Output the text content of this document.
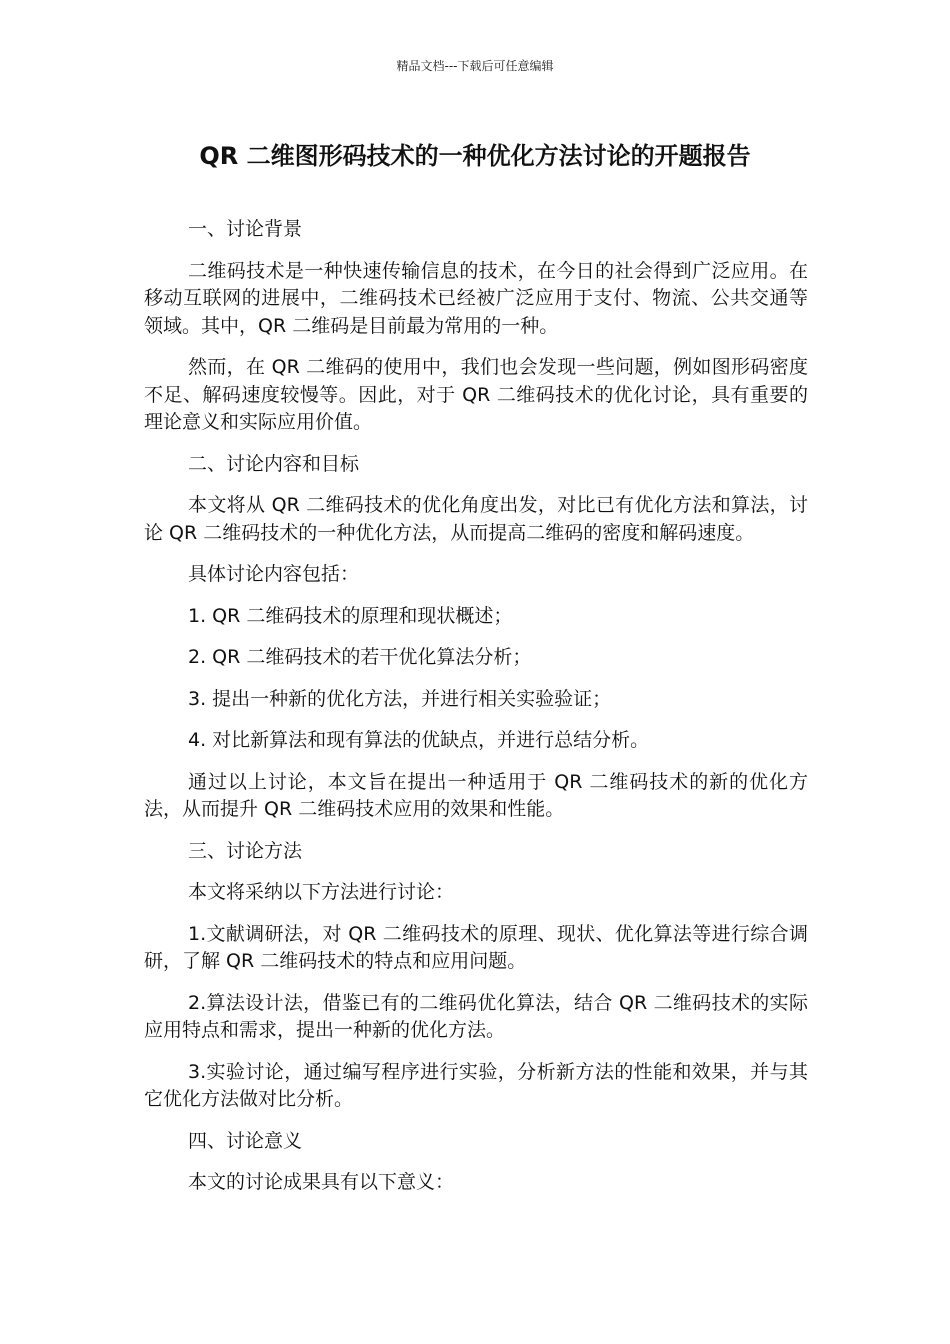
精品文档---下载后可任意编辑
QR 二维图形码技术的一种优化方法讨论的开题报告

一、讨论背景

二维码技术是一种快速传输信息的技术，在今日的社会得到广泛应用。在移动互联网的进展中，二维码技术已经被广泛应用于支付、物流、公共交通等领域。其中，QR 二维码是目前最为常用的一种。

然而，在 QR 二维码的使用中，我们也会发现一些问题，例如图形码密度不足、解码速度较慢等。因此，对于 QR 二维码技术的优化讨论，具有重要的理论意义和实际应用价值。

二、讨论内容和目标

本文将从 QR 二维码技术的优化角度出发，对比已有优化方法和算法，讨论 QR 二维码技术的一种优化方法，从而提高二维码的密度和解码速度。

具体讨论内容包括：

1. QR 二维码技术的原理和现状概述；

2. QR 二维码技术的若干优化算法分析；

3. 提出一种新的优化方法，并进行相关实验验证；

4. 对比新算法和现有算法的优缺点，并进行总结分析。

通过以上讨论，本文旨在提出一种适用于 QR 二维码技术的新的优化方法，从而提升 QR 二维码技术应用的效果和性能。

三、讨论方法

本文将采纳以下方法进行讨论：

1.文献调研法，对 QR 二维码技术的原理、现状、优化算法等进行综合调研，了解 QR 二维码技术的特点和应用问题。

2.算法设计法，借鉴已有的二维码优化算法，结合 QR 二维码技术的实际应用特点和需求，提出一种新的优化方法。

3.实验讨论，通过编写程序进行实验，分析新方法的性能和效果，并与其它优化方法做对比分析。

四、讨论意义

本文的讨论成果具有以下意义：
